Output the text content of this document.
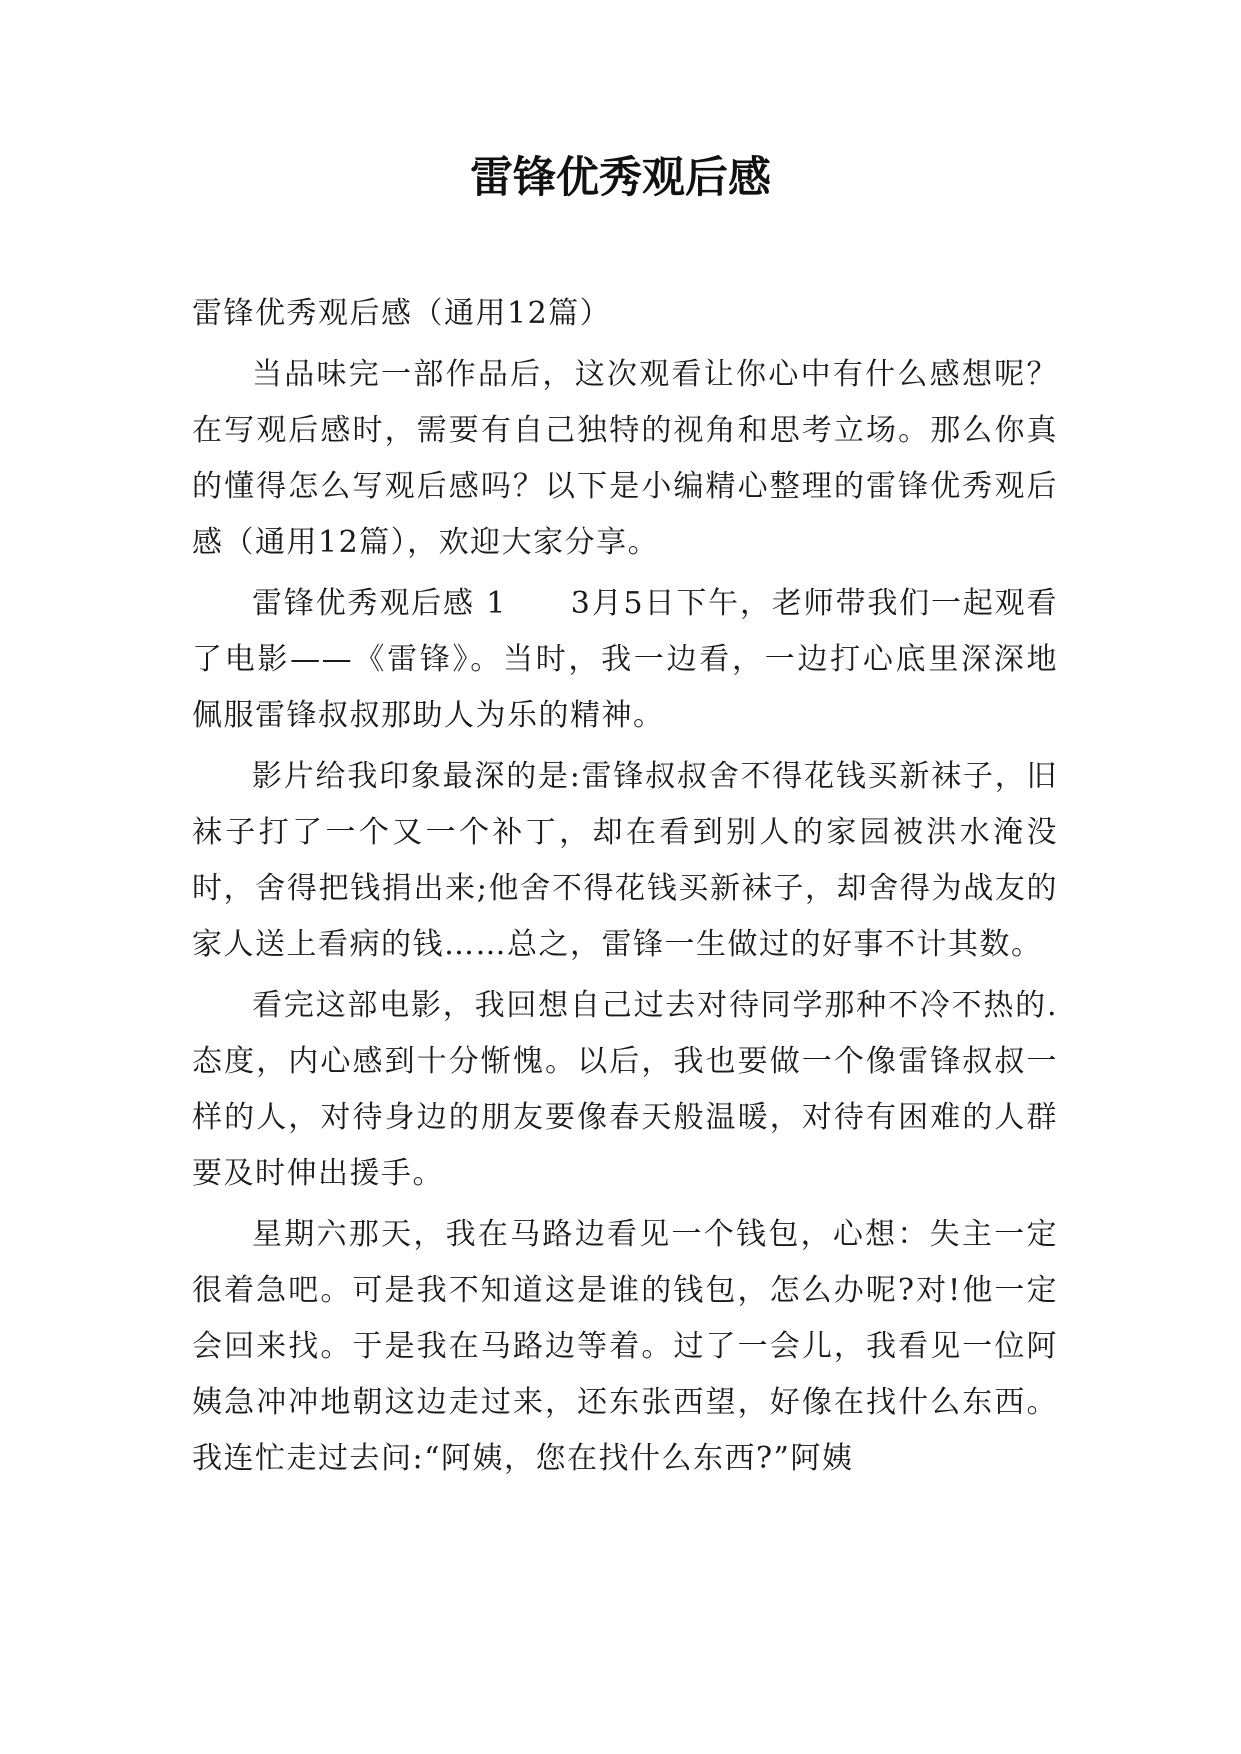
雷锋优秀观后感

雷锋优秀观后感（通用12篇）

当品味完一部作品后，这次观看让你心中有什么感想呢？在写观后感时，需要有自己独特的视角和思考立场。那么你真的懂得怎么写观后感吗？以下是小编精心整理的雷锋优秀观后感（通用12篇），欢迎大家分享。

雷锋优秀观后感 1　　3月5日下午，老师带我们一起观看了电影——《雷锋》。当时，我一边看，一边打心底里深深地佩服雷锋叔叔那助人为乐的精神。

影片给我印象最深的是:雷锋叔叔舍不得花钱买新袜子，旧袜子打了一个又一个补丁，却在看到别人的家园被洪水淹没时，舍得把钱捐出来;他舍不得花钱买新袜子，却舍得为战友的家人送上看病的钱……总之，雷锋一生做过的好事不计其数。

看完这部电影，我回想自己过去对待同学那种不冷不热的.态度，内心感到十分惭愧。以后，我也要做一个像雷锋叔叔一样的人，对待身边的朋友要像春天般温暖，对待有困难的人群要及时伸出援手。

星期六那天，我在马路边看见一个钱包，心想：失主一定很着急吧。可是我不知道这是谁的钱包，怎么办呢?对!他一定会回来找。于是我在马路边等着。过了一会儿，我看见一位阿姨急冲冲地朝这边走过来，还东张西望，好像在找什么东西。我连忙走过去问:“阿姨，您在找什么东西?”阿姨
